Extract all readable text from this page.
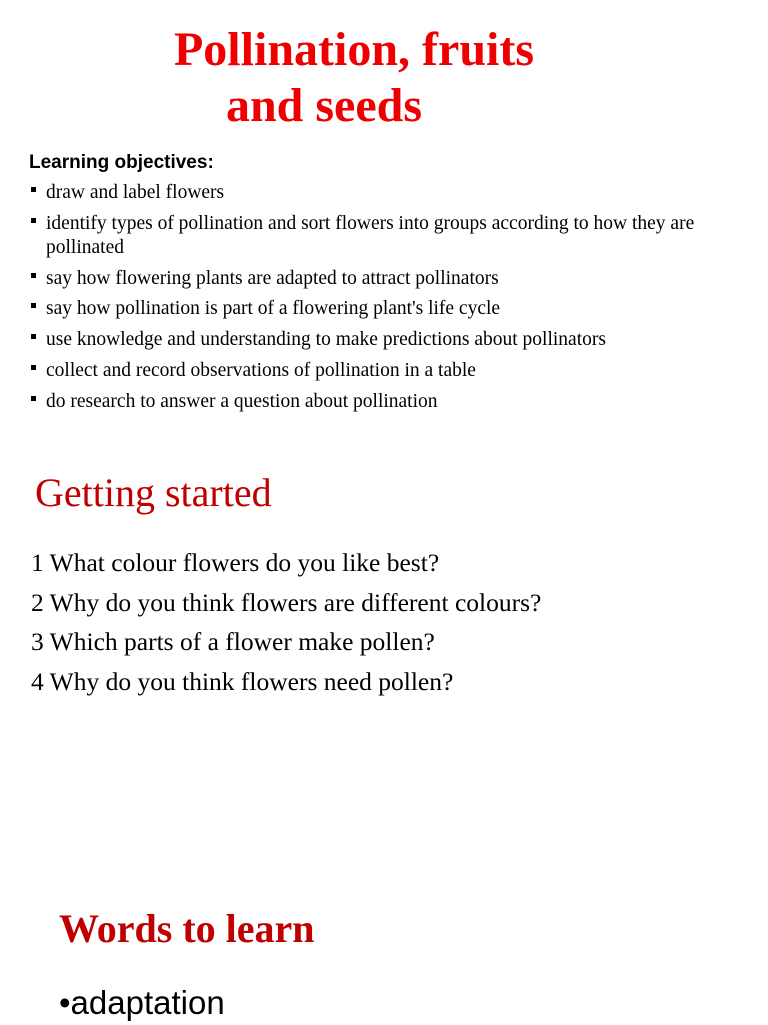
Pollination, fruits
and seeds

Learning objectives:

draw and label flowers
identify types of pollination and sort flowers into groups according to how they are pollinated
say how flowering plants are adapted to attract pollinators
say how pollination is part of a flowering plant's life cycle
use knowledge and understanding to make predictions about pollinators
collect and record observations of pollination in a table
do research to answer a question about pollination
Getting started
1 What colour flowers do you like best?
2 Why do you think flowers are different colours?
3 Which parts of a flower make pollen?
4 Why do you think flowers need pollen?
Words to learn
•adaptation
